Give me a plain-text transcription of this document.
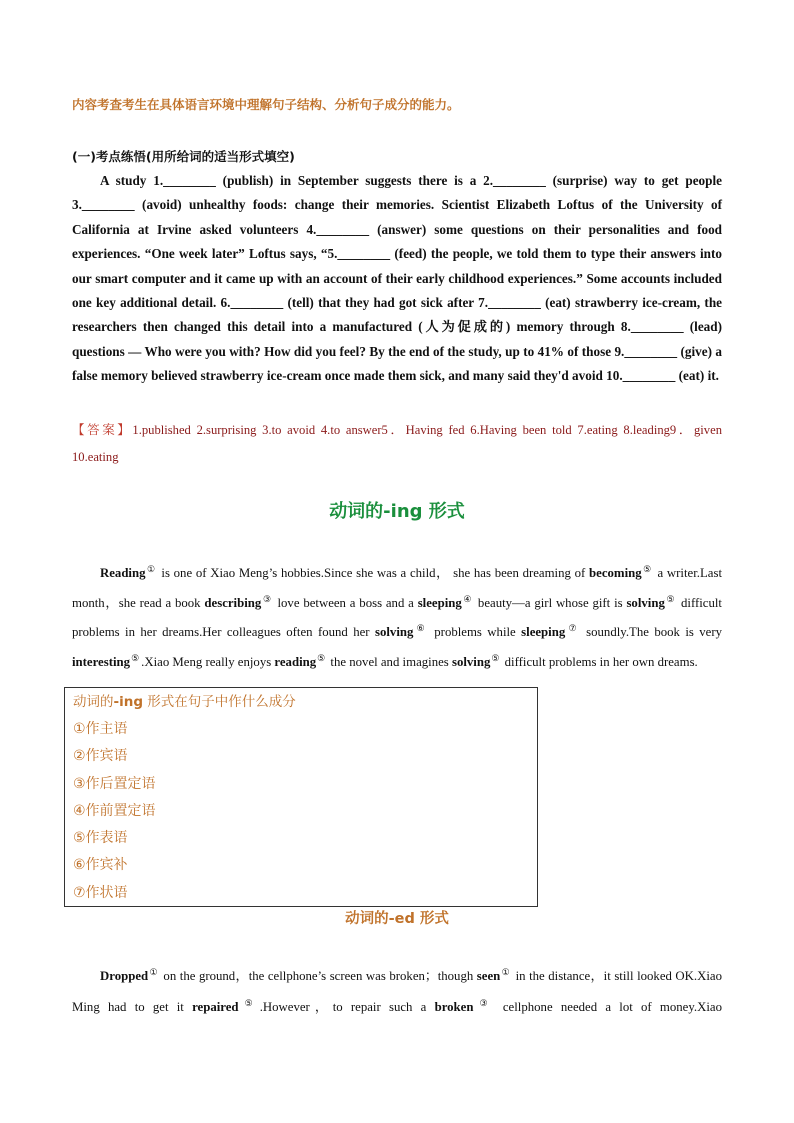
内容考查考生在具体语言环境中理解句子结构、分析句子成分的能力。
(一)考点练悟(用所给词的适当形式填空)
A study 1.________ (publish) in September suggests there is a 2.________ (surprise) way to get people 3.________ (avoid) unhealthy foods: change their memories. Scientist Elizabeth Loftus of the University of California at Irvine asked volunteers 4.________ (answer) some questions on their personalities and food experiences. “One week later” Loftus says, “5.________ (feed) the people, we told them to type their answers into our smart computer and it came up with an account of their early childhood experiences.” Some accounts included one key additional detail. 6.________ (tell) that they had got sick after 7.________ (eat) strawberry ice-cream, the researchers then changed this detail into a manufactured (人为促成的) memory through 8.________ (lead) questions — Who were you with? How did you feel? By the end of the study, up to 41% of those 9.________ (give) a false memory believed strawberry ice-cream once made them sick, and many said they'd avoid 10.________ (eat) it.
【答案】1.published 2.surprising 3.to avoid 4.to answer5．Having fed 6.Having been told 7.eating 8.leading9．given 10.eating
动词的-ing 形式
Reading① is one of Xiao Meng’s hobbies.Since she was a child， she has been dreaming of becoming⑤ a writer.Last month，she read a book describing③ love between a boss and a sleeping④ beauty—a girl whose gift is solving⑤ difficult problems in her dreams.Her colleagues often found her solving⑥ problems while sleeping⑦ soundly.The book is very interesting⑤ .Xiao Meng really enjoys reading⑤ the novel and imagines solving⑤ difficult problems in her own dreams.
动词的-ing 形式在句子中作什么成分
①作主语
②作宾语
③作后置定语
④作前置定语
⑤作表语
⑥作宾补
⑦作状语
动词的-ed 形式
Dropped① on the ground，the cellphone’s screen was broken；though seen① in the distance，it still looked OK.Xiao Ming had to get it repaired⑤ .However，to repair such a broken③ cellphone needed a lot of money.Xiao
